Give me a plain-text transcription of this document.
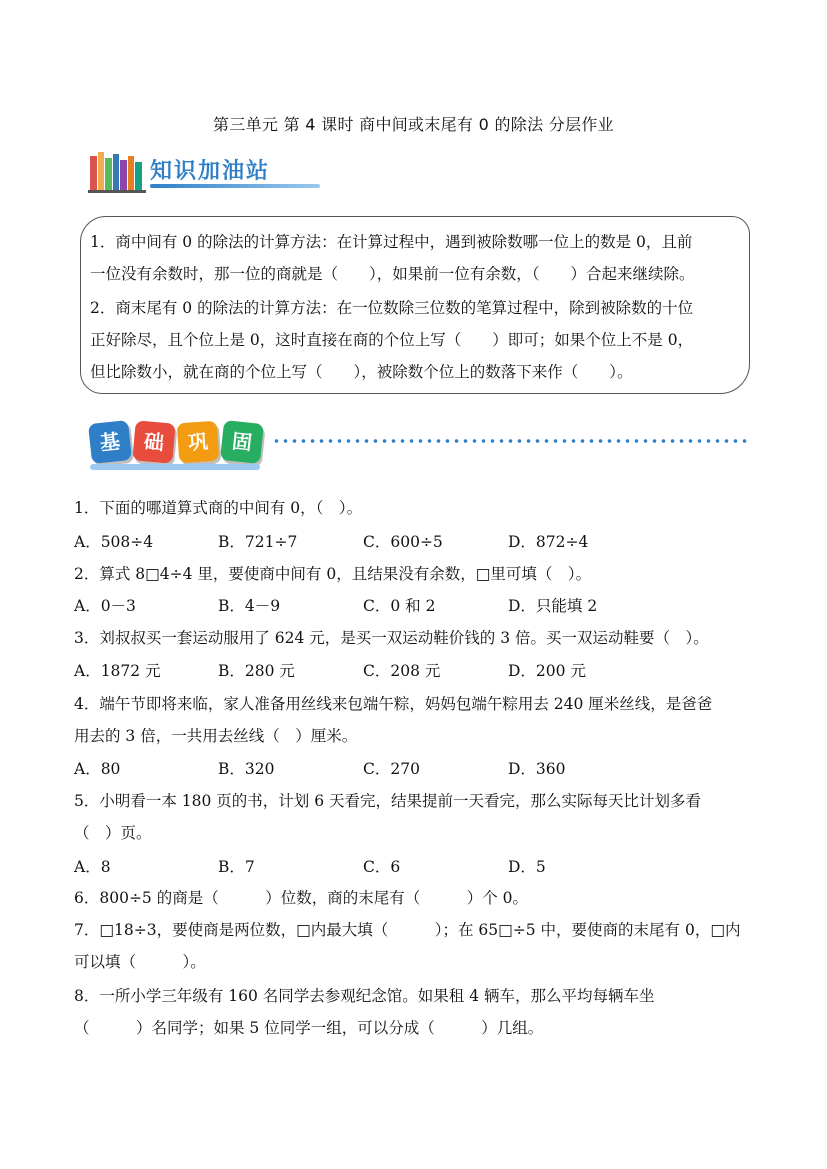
第三单元 第 4 课时 商中间或末尾有 0 的除法 分层作业
知识加油站
1．商中间有 0 的除法的计算方法：在计算过程中，遇到被除数哪一位上的数是 0，且前
一位没有余数时，那一位的商就是（　　），如果前一位有余数，（　　）合起来继续除。
2．商末尾有 0 的除法的计算方法：在一位数除三位数的笔算过程中，除到被除数的十位
正好除尽，且个位上是 0，这时直接在商的个位上写（　　）即可；如果个位上不是 0，
但比除数小，就在商的个位上写（　　），被除数个位上的数落下来作（　　）。
基	础	巩	固
1．下面的哪道算式商的中间有 0，（　）。
A．508÷4	B．721÷7	C．600÷5	D．872÷4
2．算式 8□4÷4 里，要使商中间有 0，且结果没有余数，□里可填（　）。
A．0－3	B．4－9	C．0 和 2	D．只能填 2
3．刘叔叔买一套运动服用了 624 元，是买一双运动鞋价钱的 3 倍。买一双运动鞋要（　）。
A．1872 元	B．280 元	C．208 元	D．200 元
4．端午节即将来临，家人准备用丝线来包端午粽，妈妈包端午粽用去 240 厘米丝线，是爸爸
用去的 3 倍，一共用去丝线（　）厘米。
A．80	B．320	C．270	D．360
5．小明看一本 180 页的书，计划 6 天看完，结果提前一天看完，那么实际每天比计划多看
（　）页。
A．8	B．7	C．6	D．5
6．800÷5 的商是（　　　）位数，商的末尾有（　　　）个 0。
7．□18÷3，要使商是两位数，□内最大填（　　　）；在 65□÷5 中，要使商的末尾有 0，□内
可以填（　　　）。
8．一所小学三年级有 160 名同学去参观纪念馆。如果租 4 辆车，那么平均每辆车坐
（　　　）名同学；如果 5 位同学一组，可以分成（　　　）几组。
